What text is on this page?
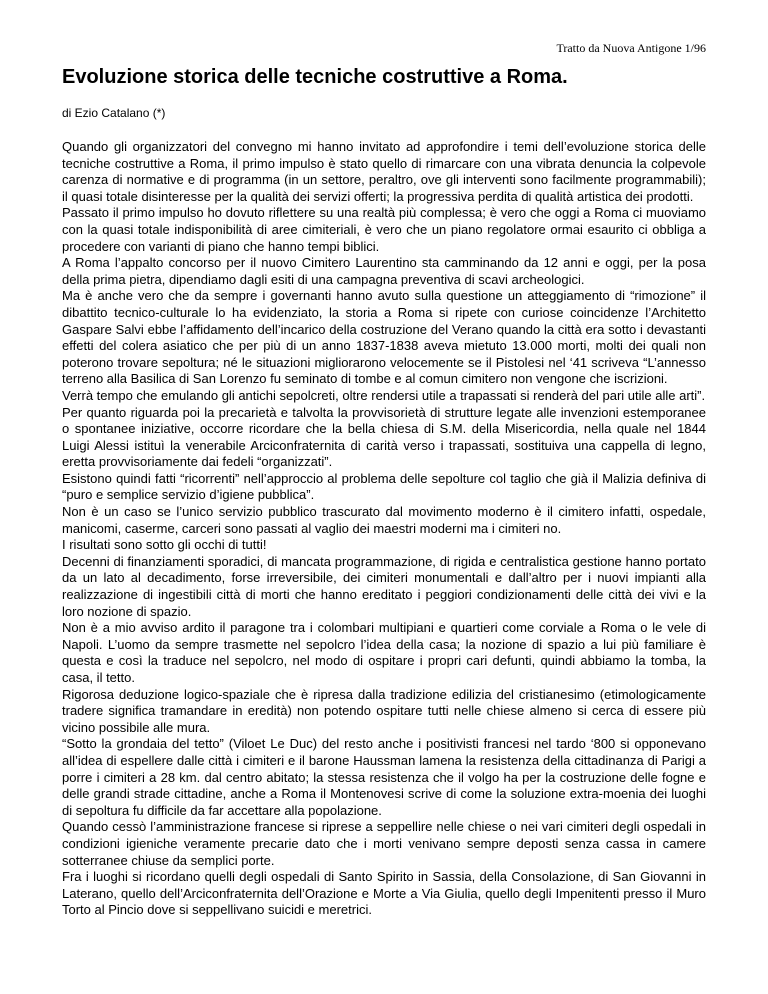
Tratto da Nuova Antigone 1/96
Evoluzione storica delle tecniche costruttive a Roma.
di Ezio Catalano (*)

Quando gli organizzatori del convegno mi hanno invitato ad approfondire i temi dell’evoluzione storica delle tecniche costruttive a Roma, il primo impulso è stato quello di rimarcare con una vibrata denuncia la colpevole carenza di normative e di programma (in un settore, peraltro, ove gli interventi sono facilmente programmabili); il quasi totale disinteresse per la qualità dei servizi offerti; la progressiva perdita di qualità artistica dei prodotti.

Passato il primo impulso ho dovuto riflettere su una realtà più complessa; è vero che oggi a Roma ci muoviamo con la quasi totale indisponibilità di aree cimiteriali, è vero che un piano regolatore ormai esaurito ci obbliga a procedere con varianti di piano che hanno tempi biblici.

A Roma l’appalto concorso per il nuovo Cimitero Laurentino sta camminando da 12 anni e oggi, per la posa della prima pietra, dipendiamo dagli esiti di una campagna preventiva di scavi archeologici.

Ma è anche vero che da sempre i governanti hanno avuto sulla questione un atteggiamento di “rimozione” il dibattito tecnico-culturale lo ha evidenziato, la storia a Roma si ripete con curiose coincidenze l’Architetto Gaspare Salvi ebbe l’affidamento dell’incarico della costruzione del Verano quando la città era sotto i devastanti effetti del colera asiatico che per più di un anno 1837-1838 aveva mietuto 13.000 morti, molti dei quali non poterono trovare sepoltura; né le situazioni migliorarono velocemente se il Pistolesi nel ‘41 scriveva “L’annesso terreno alla Basilica di San Lorenzo fu seminato di tombe e al comun cimitero non vengone che iscrizioni.

Verrà tempo che emulando gli antichi sepolcreti, oltre rendersi utile a trapassati si renderà del pari utile alle arti”.

Per quanto riguarda poi la precarietà e talvolta la provvisorietà di strutture legate alle invenzioni estemporanee o spontanee iniziative, occorre ricordare che la bella chiesa di S.M. della Misericordia, nella quale nel 1844 Luigi Alessi istituì la venerabile Arciconfraternita di carità verso i trapassati, sostituiva una cappella di legno, eretta provvisoriamente dai fedeli “organizzati”.

Esistono quindi fatti “ricorrenti” nell’approccio al problema delle sepolture col taglio che già il Malizia definiva di “puro e semplice servizio d’igiene pubblica”.

Non è un caso se l’unico servizio pubblico trascurato dal movimento moderno è il cimitero infatti, ospedale, manicomi, caserme, carceri sono passati al vaglio dei maestri moderni ma i cimiteri no.

I risultati sono sotto gli occhi di tutti!

Decenni di finanziamenti sporadici, di mancata programmazione, di rigida e centralistica gestione hanno portato da un lato al decadimento, forse irreversibile, dei cimiteri monumentali e dall’altro per i nuovi impianti alla realizzazione di ingestibili città di morti che hanno ereditato i peggiori condizionamenti delle città dei vivi e la loro nozione di spazio.

Non è a mio avviso ardito il paragone tra i colombari multipiani e quartieri come corviale a Roma o le vele di Napoli. L’uomo da sempre trasmette nel sepolcro l’idea della casa; la nozione di spazio a lui più familiare è questa e così la traduce nel sepolcro, nel modo di ospitare i propri cari defunti, quindi abbiamo la tomba, la casa, il tetto.

Rigorosa deduzione logico-spaziale che è ripresa dalla tradizione edilizia del cristianesimo (etimologicamente tradere significa tramandare in eredità) non potendo ospitare tutti nelle chiese almeno si cerca di essere più vicino possibile alle mura.

“Sotto la grondaia del tetto” (Viloet Le Duc) del resto anche i positivisti francesi nel tardo ‘800 si opponevano all’idea di espellere dalle città i cimiteri e il barone Haussman lamena la resistenza della cittadinanza di Parigi a porre i cimiteri a 28 km. dal centro abitato; la stessa resistenza che il volgo ha per la costruzione delle fogne e delle grandi strade cittadine, anche a Roma il Montenovesi scrive di come la soluzione extra-moenia dei luoghi di sepoltura fu difficile da far accettare alla popolazione.

Quando cessò l’amministrazione francese si riprese a seppellire nelle chiese o nei vari cimiteri degli ospedali in condizioni igieniche veramente precarie dato che i morti venivano sempre deposti senza cassa in camere sotterranee chiuse da semplici porte.

Fra i luoghi si ricordano quelli degli ospedali di Santo Spirito in Sassia, della Consolazione, di San Giovanni in Laterano, quello dell’Arciconfraternita dell’Orazione e Morte a Via Giulia, quello degli Impenitenti presso il Muro Torto al Pincio dove si seppellivano suicidi e meretrici.
